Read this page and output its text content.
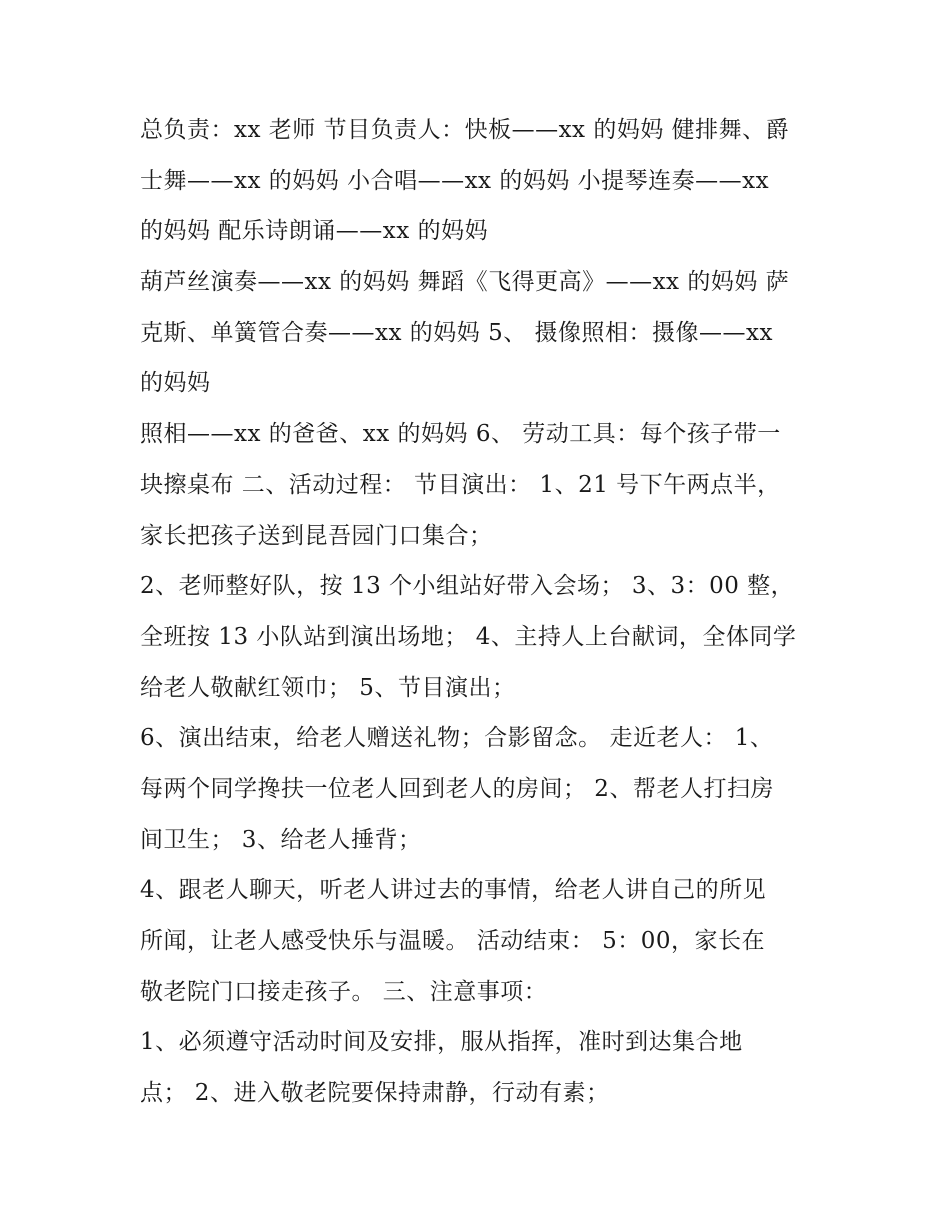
总负责：xx 老师 节目负责人：快板——xx 的妈妈 健排舞、爵
士舞——xx 的妈妈 小合唱——xx 的妈妈 小提琴连奏——xx
的妈妈 配乐诗朗诵——xx 的妈妈
葫芦丝演奏——xx 的妈妈 舞蹈《飞得更高》——xx 的妈妈 萨
克斯、单簧管合奏——xx 的妈妈 5、 摄像照相：摄像——xx
的妈妈
照相——xx 的爸爸、xx 的妈妈 6、 劳动工具：每个孩子带一
块擦桌布 二、活动过程： 节目演出： 1、21 号下午两点半，
家长把孩子送到昆吾园门口集合；
2、老师整好队，按 13 个小组站好带入会场； 3、3：00 整，
全班按 13 小队站到演出场地； 4、主持人上台献词，全体同学
给老人敬献红领巾； 5、节目演出；
6、演出结束，给老人赠送礼物；合影留念。 走近老人： 1、
每两个同学搀扶一位老人回到老人的房间； 2、帮老人打扫房
间卫生； 3、给老人捶背；
4、跟老人聊天，听老人讲过去的事情，给老人讲自己的所见
所闻，让老人感受快乐与温暖。 活动结束： 5：00，家长在
敬老院门口接走孩子。 三、注意事项：
1、必须遵守活动时间及安排，服从指挥，准时到达集合地
点； 2、进入敬老院要保持肃静，行动有素；
